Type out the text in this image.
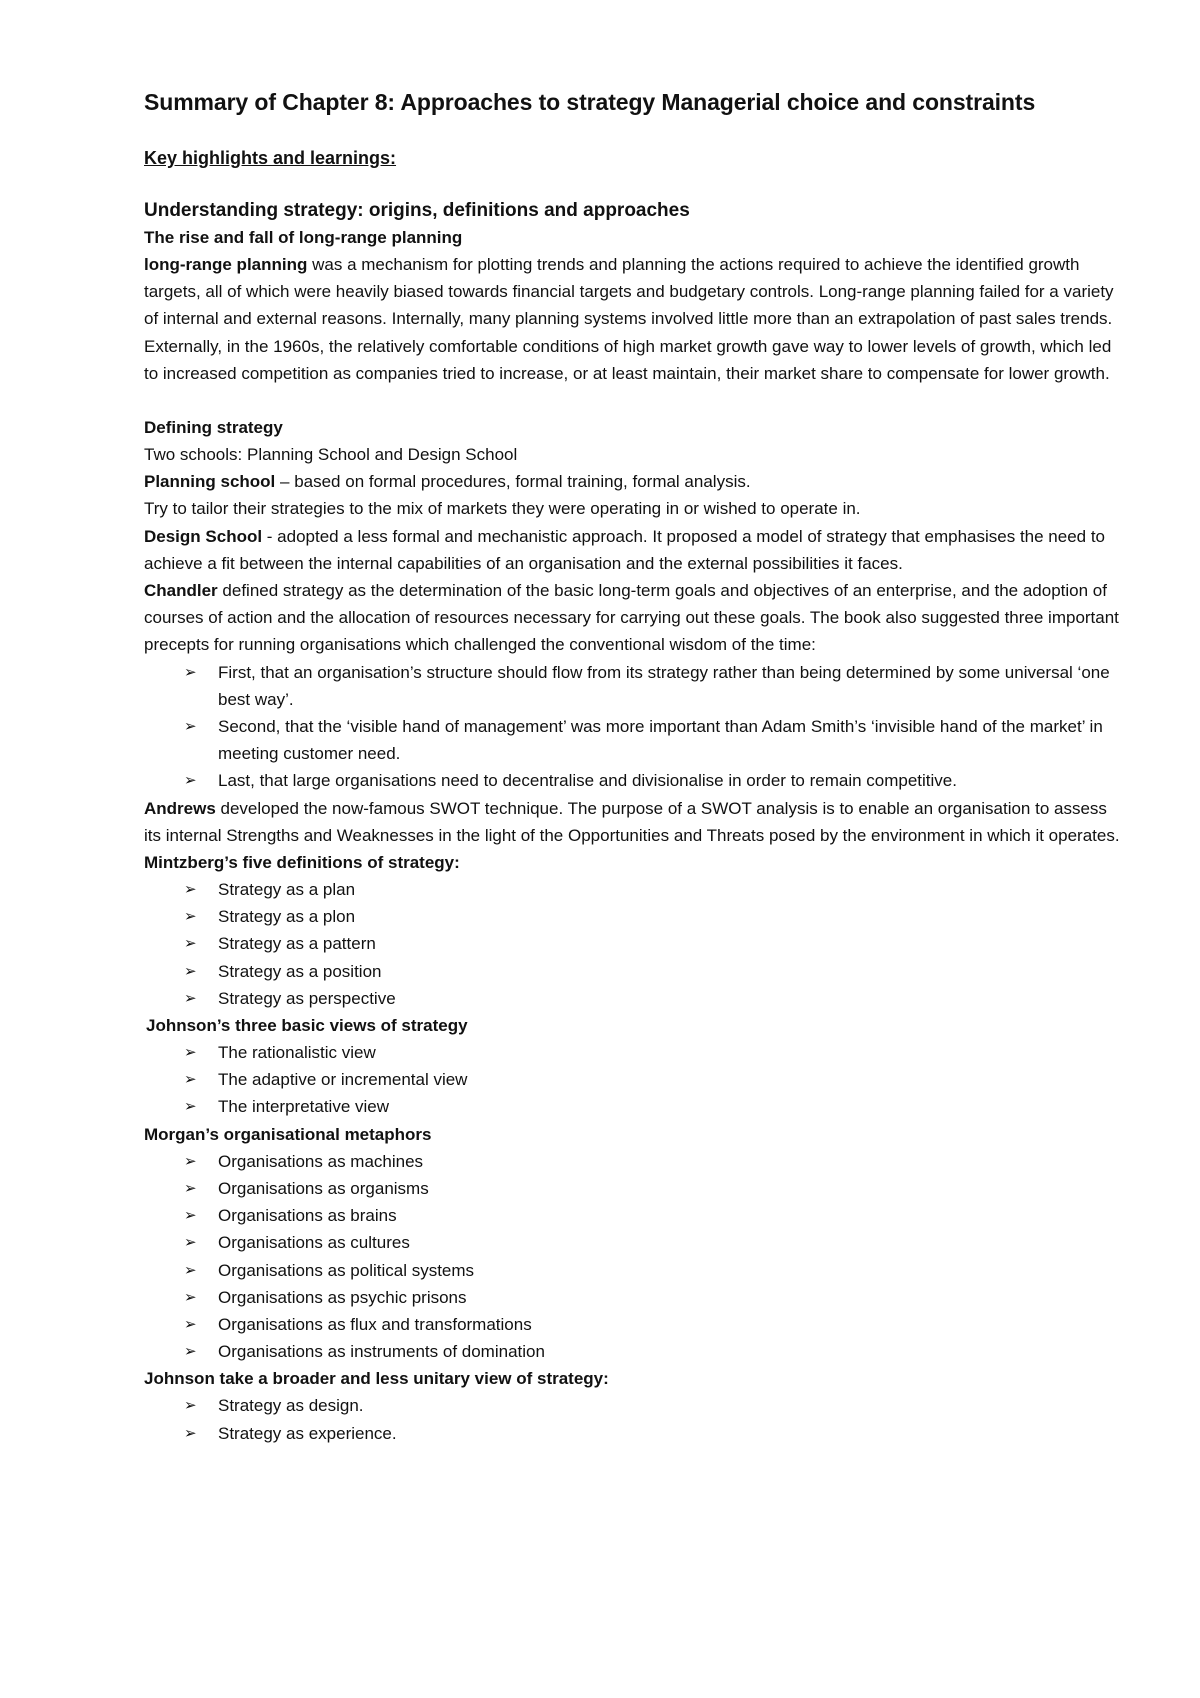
Summary of Chapter 8: Approaches to strategy Managerial choice and constraints
Key highlights and learnings:
Understanding strategy: origins, definitions and approaches
The rise and fall of long-range planning

long-range planning was a mechanism for plotting trends and planning the actions required to achieve the identified growth targets, all of which were heavily biased towards financial targets and budgetary controls. Long-range planning failed for a variety of internal and external reasons. Internally, many planning systems involved little more than an extrapolation of past sales trends. Externally, in the 1960s, the relatively comfortable conditions of high market growth gave way to lower levels of growth, which led to increased competition as companies tried to increase, or at least maintain, their market share to compensate for lower growth.

Defining strategy

Two schools: Planning School and Design School

Planning school – based on formal procedures, formal training, formal analysis.

Try to tailor their strategies to the mix of markets they were operating in or wished to operate in.

Design School - adopted a less formal and mechanistic approach. It proposed a model of strategy that emphasises the need to achieve a fit between the internal capabilities of an organisation and the external possibilities it faces.

Chandler defined strategy as the determination of the basic long-term goals and objectives of an enterprise, and the adoption of courses of action and the allocation of resources necessary for carrying out these goals. The book also suggested three important precepts for running organisations which challenged the conventional wisdom of the time:

➢ First, that an organisation’s structure should flow from its strategy rather than being determined by some universal ‘one best way’.
➢ Second, that the ‘visible hand of management’ was more important than Adam Smith’s ‘invisible hand of the market’ in meeting customer need.
➢ Last, that large organisations need to decentralise and divisionalise in order to remain competitive.

Andrews developed the now-famous SWOT technique. The purpose of a SWOT analysis is to enable an organisation to assess its internal Strengths and Weaknesses in the light of the Opportunities and Threats posed by the environment in which it operates.

Mintzberg’s five definitions of strategy:
➢ Strategy as a plan
➢ Strategy as a plon
➢ Strategy as a pattern
➢ Strategy as a position
➢ Strategy as perspective
Johnson’s three basic views of strategy
➢ The rationalistic view
➢ The adaptive or incremental view
➢ The interpretative view
Morgan’s organisational metaphors
➢ Organisations as machines
➢ Organisations as organisms
➢ Organisations as brains
➢ Organisations as cultures
➢ Organisations as political systems
➢ Organisations as psychic prisons
➢ Organisations as flux and transformations
➢ Organisations as instruments of domination
Johnson take a broader and less unitary view of strategy:
➢ Strategy as design.
➢ Strategy as experience.
